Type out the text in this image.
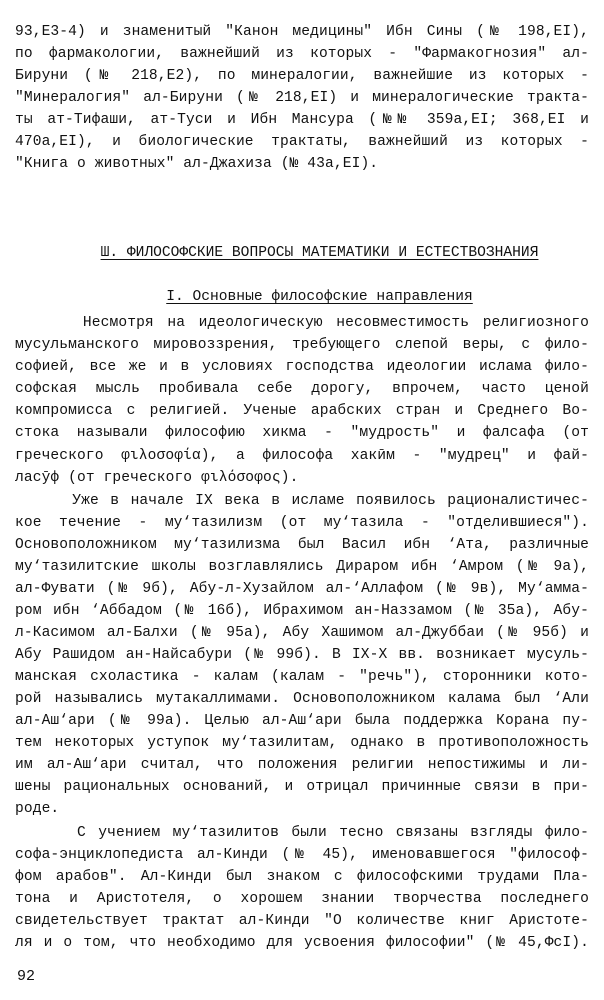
93,Е3-4) и знаменитый "Канон медицины" Ибн Сины (№ 198,ЕI),
по фармакологии, важнейший из которых - "Фармакогнозия" ал-
Бируни (№ 218,Е2), по минералогии, важнейшие из которых -
"Минералогия" ал-Бируни (№ 218,ЕI) и минералогические тракта-
ты ат-Тифаши, ат-Туси и Ибн Мансура (№№ 359а,ЕI; 368,ЕI и
470а,ЕI), и биологические трактаты, важнейший из которых -
"Книга о животных" ал-Джахиза (№ 43а,ЕI).

Ш. ФИЛОСОФСКИЕ ВОПРОСЫ МАТЕМАТИКИ И ЕСТЕСТВОЗНАНИЯ

I. Основные философские направления

Несмотря на идеологическую несовместимость религиозного
мусульманского мировоззрения, требующего слепой веры, с фило-
софией, все же и в условиях господства идеологии ислама фило-
софская мысль пробивала себе дорогу, впрочем, часто ценой
компромисса с религией. Ученые арабских стран и Среднего Во-
стока называли философию хикма - "мудрость" и фалсафа (от
греческого φιλοσοφία), а философа хакӣм - "мудрец" и фай-
ласӯф (от греческого φιλόσοφος).
Уже в начале IX века в исламе появилось рационалистичес-
кое течение - му‘тазилизм (от му‘тазила - "отделившиеся").
Основоположником му‘тазилизма был Васил ибн ‘Ата, различные
му‘тазилитские школы возглавлялись Дираром ибн ‘Амром (№ 9а),
ал-Фувати (№ 9б), Абу-л-Хузайлом ал-‘Аллафом (№ 9в), Му‘амма-
ром ибн ‘Аббадом (№ 16б), Ибрахимом ан-Наззамом (№ 35а), Абу-
л-Касимом ал-Балхи (№ 95а), Абу Хашимом ал-Джуббаи (№ 95б) и
Абу Рашидом ан-Найсабури (№ 99б). В IX-X вв. возникает мусуль-
манская схоластика - калам (калам - "речь"), сторонники кото-
рой назывались мутакаллимами. Основоположником калама был ‘Али
ал-Аш‘ари (№ 99а). Целью ал-Аш‘ари была поддержка Корана пу-
тем некоторых уступок му‘тазилитам, однако в противоположность
им ал-Аш‘ари считал, что положения религии непостижимы и ли-
шены рациональных оснований, и отрицал причинные связи в при-
роде.
С учением му‘тазилитов были тесно связаны взгляды фило-
софа-энциклопедиста ал-Кинди (№ 45), именовавшегося "философ-
фом арабов". Ал-Кинди был знаком с философскими трудами Пла-
тона и Аристотеля, о хорошем знании творчества последнего
свидетельствует трактат ал-Кинди "О количестве книг Аристоте-
ля и о том, что необходимо для усвоения философии" (№ 45,ФсI).
92
